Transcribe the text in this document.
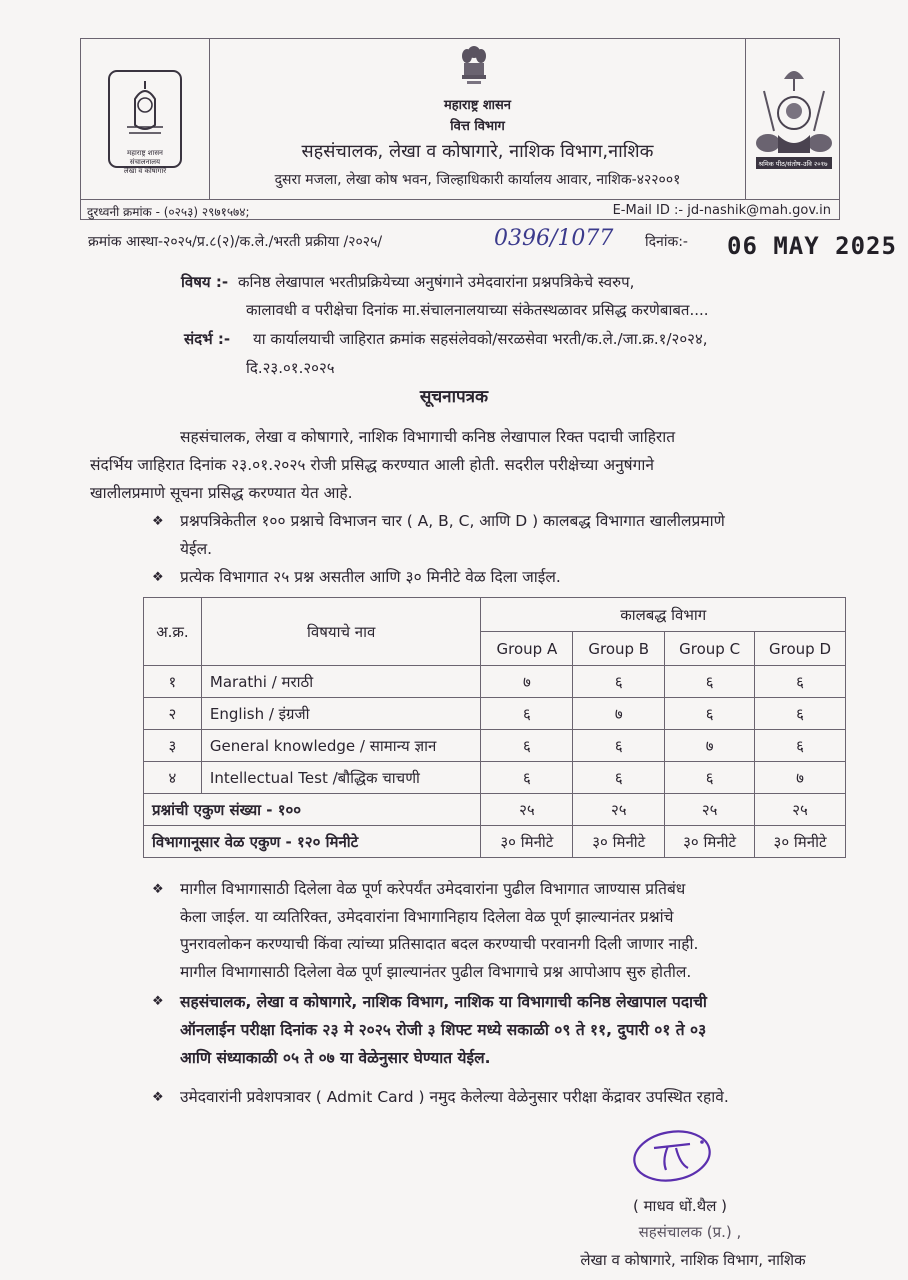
महाराष्ट्र शासन
संचालनालय
लेखा व कोषागारे
महाराष्ट्र शासन
वित्त विभाग
सहसंचालक, लेखा व कोषागारे, नाशिक विभाग,नाशिक
दुसरा मजला, लेखा कोष भवन, जिल्हाधिकारी कार्यालय आवार, नाशिक-४२२००१
श्रमिक पीठ/संतोष-उवि २०१७
दुरध्वनी क्रमांक - (०२५३) २९७१५७४;	E-Mail ID :- jd-nashik@mah.gov.in
क्रमांक आस्था-२०२५/प्र.८(२)/क.ले./भरती प्रक्रीया /२०२५/	0396/1077 दिनांक:- 06 MAY 2025
विषय :- कनिष्ठ लेखापाल भरतीप्रक्रियेच्या अनुषंगाने उमेदवारांना प्रश्नपत्रिकेचे स्वरुप,
कालावधी व परीक्षेचा दिनांक मा.संचालनालयाच्या संकेतस्थळावर प्रसिद्ध करणेबाबत....
संदर्भ :- या कार्यालयाची जाहिरात क्रमांक सहसंलेवको/सरळसेवा भरती/क.ले./जा.क्र.१/२०२४,
दि.२३.०१.२०२५
सूचनापत्रक
सहसंचालक, लेखा व कोषागारे, नाशिक विभागाची कनिष्ठ लेखापाल रिक्त पदाची जाहिरात
संदर्भिय जाहिरात दिनांक २३.०१.२०२५ रोजी प्रसिद्ध करण्यात आली होती. सदरील परीक्षेच्या अनुषंगाने
खालीलप्रमाणे सूचना प्रसिद्ध करण्यात येत आहे.
❖ प्रश्नपत्रिकेतील १०० प्रश्नाचे विभाजन चार ( A, B, C, आणि D ) कालबद्ध विभागात खालीलप्रमाणे
येईल.
❖ प्रत्येक विभागात २५ प्रश्न असतील आणि ३० मिनीटे वेळ दिला जाईल.
अ.क्र.	विषयाचे नाव	कालबद्ध विभाग			
		Group A	Group B	Group C	Group D
१	Marathi / मराठी	७	६	६	६
२	English / इंग्रजी	६	७	६	६
३	General knowledge / सामान्य ज्ञान	६	६	७	६
४	Intellectual Test /बौद्धिक चाचणी	६	६	६	७
प्रश्नांची एकुण संख्या - १००		२५	२५	२५	२५
विभागानूसार वेळ एकुण - १२० मिनीटे		३० मिनीटे	३० मिनीटे	३० मिनीटे	३० मिनीटे
❖ मागील विभागासाठी दिलेला वेळ पूर्ण करेपर्यंत उमेदवारांना पुढील विभागात जाण्यास प्रतिबंध
केला जाईल. या व्यतिरिक्त, उमेदवारांना विभागानिहाय दिलेला वेळ पूर्ण झाल्यानंतर प्रश्नांचे
पुनरावलोकन करण्याची किंवा त्यांच्या प्रतिसादात बदल करण्याची परवानगी दिली जाणार नाही.
मागील विभागासाठी दिलेला वेळ पूर्ण झाल्यानंतर पुढील विभागाचे प्रश्न आपोआप सुरु होतील.
❖ सहसंचालक, लेखा व कोषागारे, नाशिक विभाग, नाशिक या विभागाची कनिष्ठ लेखापाल पदाची
ऑनलाईन परीक्षा दिनांक २३ मे २०२५ रोजी ३ शिफ्ट मध्ये सकाळी ०९ ते ११, दुपारी ०१ ते ०३
आणि संध्याकाळी ०५ ते ०७ या वेळेनुसार घेण्यात येईल.
❖ उमेदवारांनी प्रवेशपत्रावर ( Admit Card ) नमुद केलेल्या वेळेनुसार परीक्षा केंद्रावर उपस्थित रहावे.
( माधव धों.थैल )
सहसंचालक (प्र.) ,
लेखा व कोषागारे, नाशिक विभाग, नाशिक
